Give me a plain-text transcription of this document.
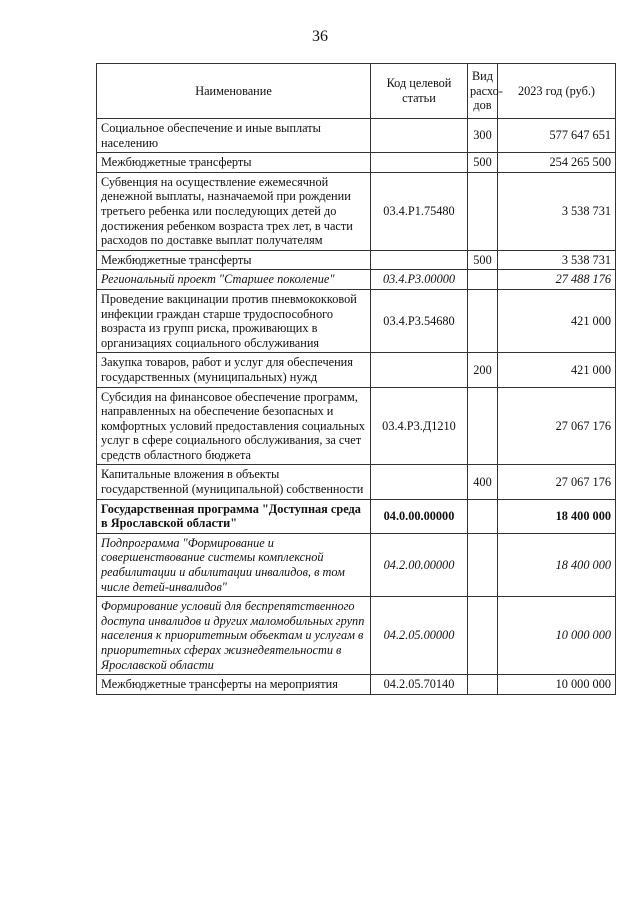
36
Наименование	Код целевой статьи	Вид расхо-дов	2023 год (руб.)
Социальное обеспечение и иные выплаты населению		300	577 647 651
Межбюджетные трансферты		500	254 265 500
Субвенция на осуществление ежемесячной денежной выплаты, назначаемой при рождении третьего ребенка или последующих детей до достижения ребенком возраста трех лет, в части расходов по доставке выплат получателям	03.4.P1.75480		3 538 731
Межбюджетные трансферты		500	3 538 731
Региональный проект "Старшее поколение"	03.4.P3.00000		27 488 176
Проведение вакцинации против пневмококковой инфекции граждан старше трудоспособного возраста из групп риска, проживающих в организациях социального обслуживания	03.4.P3.54680		421 000
Закупка товаров, работ и услуг для обеспечения государственных (муниципальных) нужд		200	421 000
Субсидия на финансовое обеспечение программ, направленных на обеспечение безопасных и комфортных условий предоставления социальных услуг в сфере социального обслуживания, за счет средств областного бюджета	03.4.P3.Д1210		27 067 176
Капитальные вложения в объекты государственной (муниципальной) собственности		400	27 067 176
Государственная программа "Доступная среда в Ярославской области"	04.0.00.00000		18 400 000
Подпрограмма "Формирование и совершенствование системы комплексной реабилитации и абилитации инвалидов, в том числе детей-инвалидов"	04.2.00.00000		18 400 000
Формирование условий для беспрепятственного доступа инвалидов и других маломобильных групп населения к приоритетным объектам и услугам в приоритетных сферах жизнедеятельности в Ярославской области	04.2.05.00000		10 000 000
Межбюджетные трансферты на мероприятия	04.2.05.70140		10 000 000
